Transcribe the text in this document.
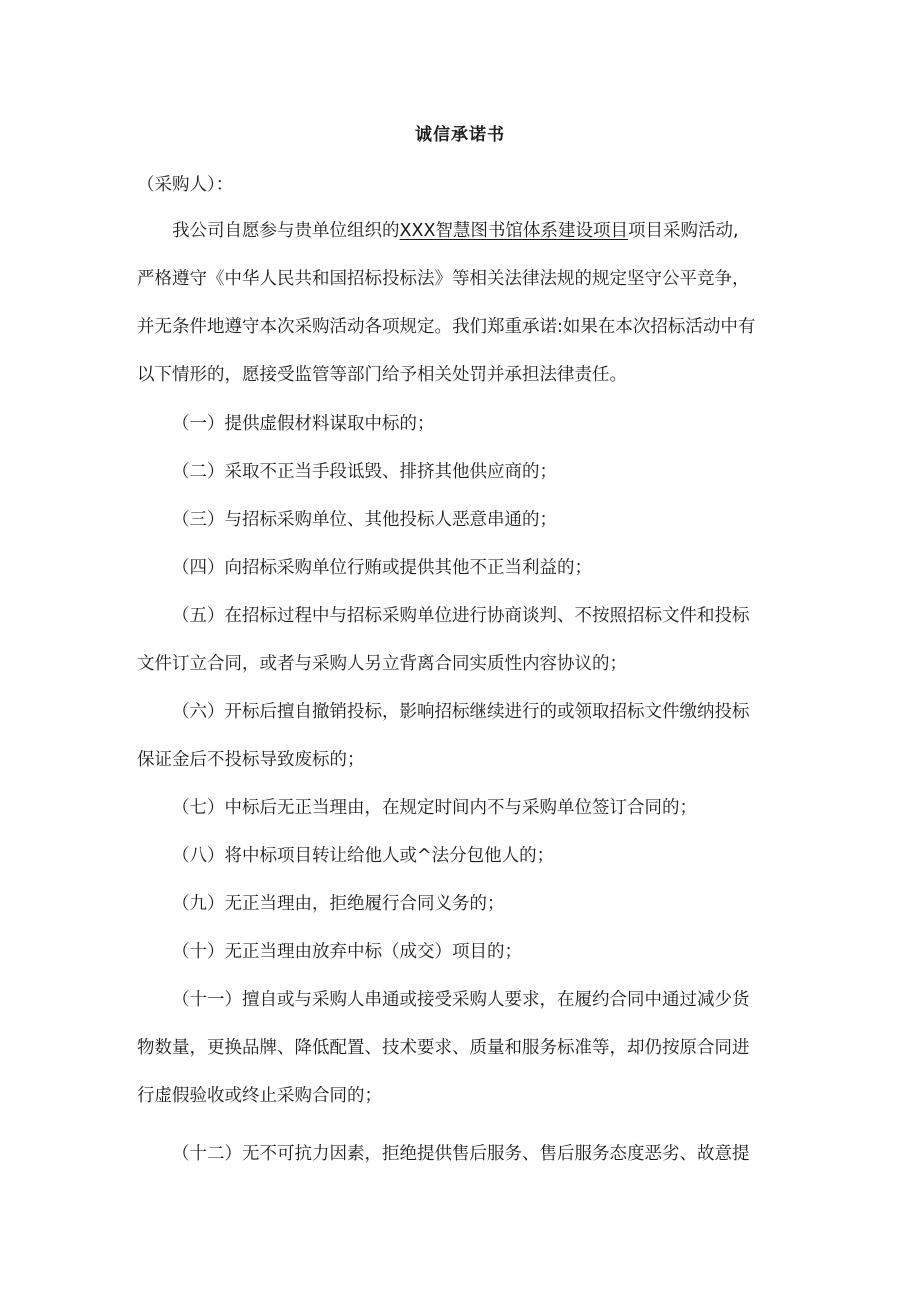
诚信承诺书
（采购人）：
我公司自愿参与贵单位组织的XXX智慧图书馆体系建设项目项目采购活动,
严格遵守《中华人民共和国招标投标法》等相关法律法规的规定坚守公平竞争，
并无条件地遵守本次采购活动各项规定。我们郑重承诺:如果在本次招标活动中有
以下情形的，愿接受监管等部门给予相关处罚并承担法律责任。
（一）提供虚假材料谋取中标的；
（二）采取不正当手段诋毁、排挤其他供应商的；
（三）与招标采购单位、其他投标人恶意串通的；
（四）向招标采购单位行贿或提供其他不正当利益的；
（五）在招标过程中与招标采购单位进行协商谈判、不按照招标文件和投标
文件订立合同，或者与采购人另立背离合同实质性内容协议的；
（六）开标后擅自撤销投标，影响招标继续进行的或领取招标文件缴纳投标
保证金后不投标导致废标的；
（七）中标后无正当理由，在规定时间内不与采购单位签订合同的；
（八）将中标项目转让给他人或^法分包他人的；
（九）无正当理由，拒绝履行合同义务的；
（十）无正当理由放弃中标（成交）项目的；
（十一）擅自或与采购人串通或接受采购人要求，在履约合同中通过减少货
物数量，更换品牌、降低配置、技术要求、质量和服务标准等，却仍按原合同进
行虚假验收或终止采购合同的；
（十二）无不可抗力因素，拒绝提供售后服务、售后服务态度恶劣、故意提
